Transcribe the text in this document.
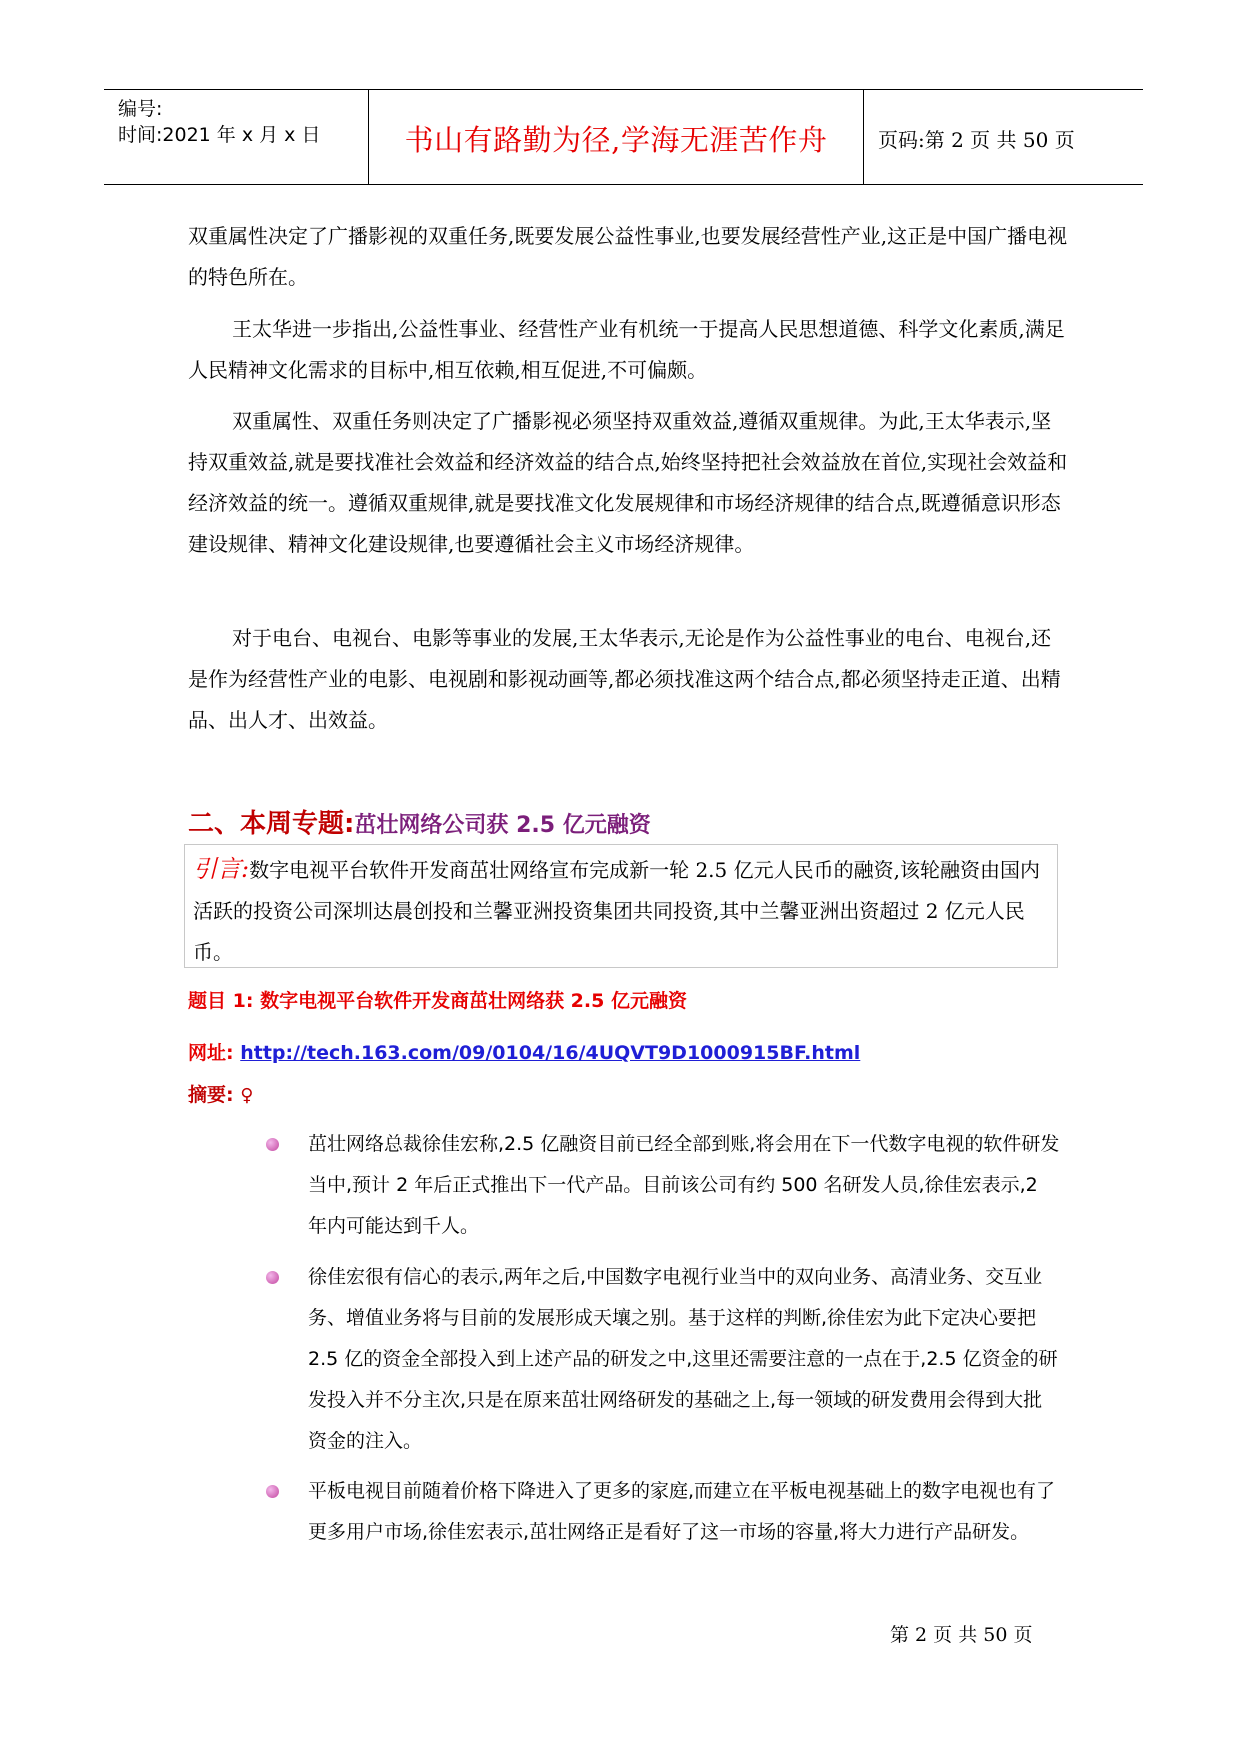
编号:
时间:2021 年 x 月 x 日	书山有路勤为径,学海无涯苦作舟	页码:第 2 页 共 50 页

双重属性决定了广播影视的双重任务,既要发展公益性事业,也要发展经营性产业,这正是中国广播电视的特色所在。

王太华进一步指出,公益性事业、经营性产业有机统一于提高人民思想道德、科学文化素质,满足人民精神文化需求的目标中,相互依赖,相互促进,不可偏颇。

双重属性、双重任务则决定了广播影视必须坚持双重效益,遵循双重规律。为此,王太华表示,坚持双重效益,就是要找准社会效益和经济效益的结合点,始终坚持把社会效益放在首位,实现社会效益和经济效益的统一。遵循双重规律,就是要找准文化发展规律和市场经济规律的结合点,既遵循意识形态建设规律、精神文化建设规律,也要遵循社会主义市场经济规律。

对于电台、电视台、电影等事业的发展,王太华表示,无论是作为公益性事业的电台、电视台,还是作为经营性产业的电影、电视剧和影视动画等,都必须找准这两个结合点,都必须坚持走正道、出精品、出人才、出效益。

二、本周专题:茁壮网络公司获 2.5 亿元融资
引言:数字电视平台软件开发商茁壮网络宣布完成新一轮 2.5 亿元人民币的融资,该轮融资由国内活跃的投资公司深圳达晨创投和兰馨亚洲投资集团共同投资,其中兰馨亚洲出资超过 2 亿元人民币。
题目 1: 数字电视平台软件开发商茁壮网络获 2.5 亿元融资
网址: http://tech.163.com/09/0104/16/4UQVT9D1000915BF.html
摘要: ♀
茁壮网络总裁徐佳宏称,2.5 亿融资目前已经全部到账,将会用在下一代数字电视的软件研发当中,预计 2 年后正式推出下一代产品。目前该公司有约 500 名研发人员,徐佳宏表示,2 年内可能达到千人。
徐佳宏很有信心的表示,两年之后,中国数字电视行业当中的双向业务、高清业务、交互业务、增值业务将与目前的发展形成天壤之别。基于这样的判断,徐佳宏为此下定决心要把 2.5 亿的资金全部投入到上述产品的研发之中,这里还需要注意的一点在于,2.5 亿资金的研发投入并不分主次,只是在原来茁壮网络研发的基础之上,每一领域的研发费用会得到大批资金的注入。
平板电视目前随着价格下降进入了更多的家庭,而建立在平板电视基础上的数字电视也有了更多用户市场,徐佳宏表示,茁壮网络正是看好了这一市场的容量,将大力进行产品研发。
第 2 页 共 50 页
